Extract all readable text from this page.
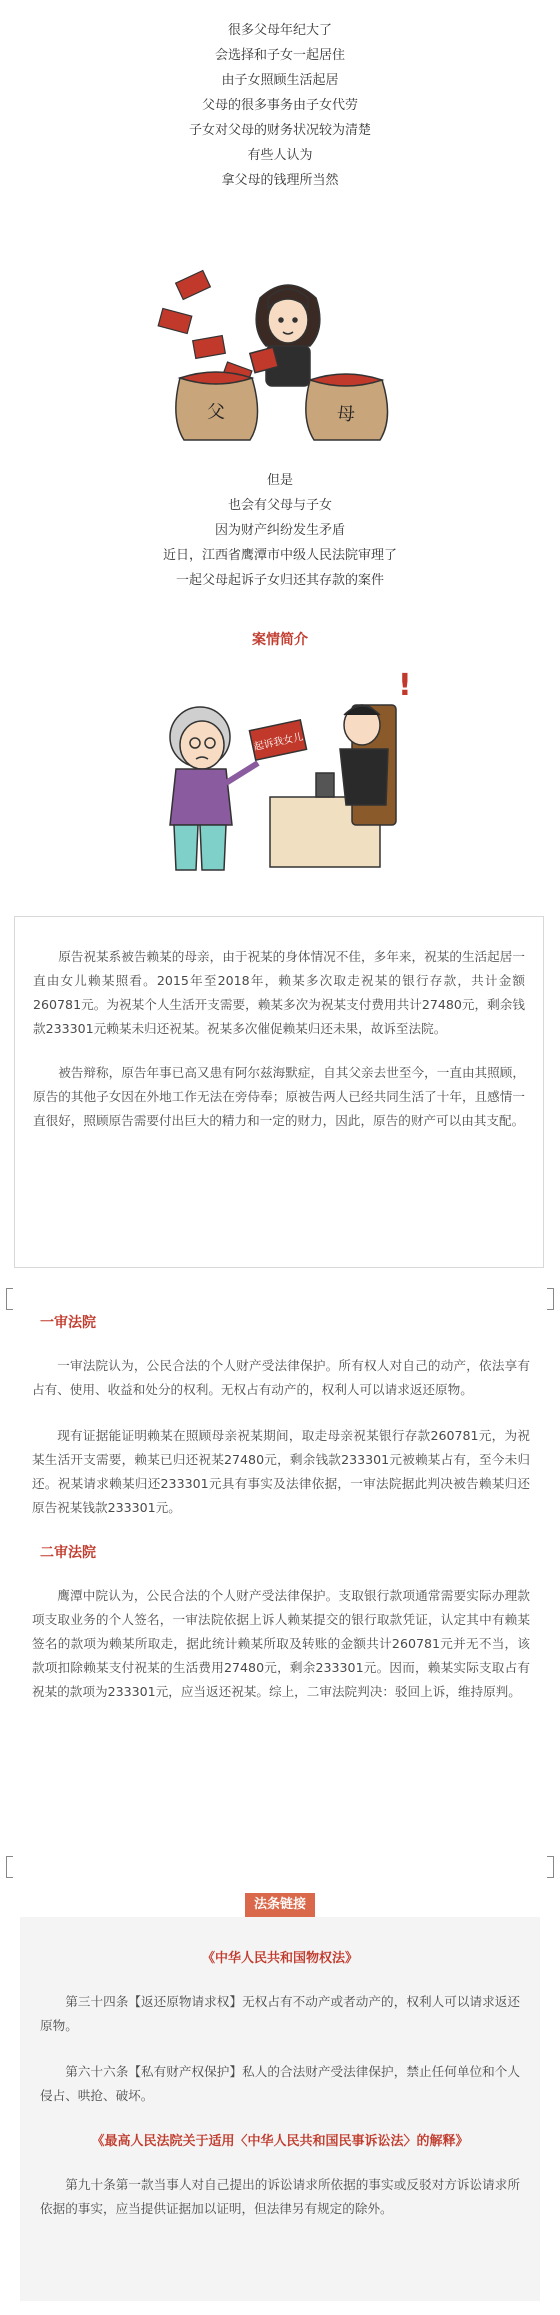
很多父母年纪大了
会选择和子女一起居住
由子女照顾生活起居
父母的很多事务由子女代劳
子女对父母的财务状况较为清楚
有些人认为
拿父母的钱理所当然
父	母
但是
也会有父母与子女
因为财产纠纷发生矛盾
近日，江西省鹰潭市中级人民法院审理了
一起父母起诉子女归还其存款的案件
案情简介
起诉我女儿
!

原告祝某系被告赖某的母亲，由于祝某的身体情况不佳，多年来，祝某的生活起居一直由女儿赖某照看。2015年至2018年，赖某多次取走祝某的银行存款，共计金额260781元。为祝某个人生活开支需要，赖某多次为祝某支付费用共计27480元，剩余钱款233301元赖某未归还祝某。祝某多次催促赖某归还未果，故诉至法院。

被告辩称，原告年事已高又患有阿尔兹海默症，自其父亲去世至今，一直由其照顾，原告的其他子女因在外地工作无法在旁侍奉；原被告两人已经共同生活了十年，且感情一直很好，照顾原告需要付出巨大的精力和一定的财力，因此，原告的财产可以由其支配。

一审法院

一审法院认为，公民合法的个人财产受法律保护。所有权人对自己的动产，依法享有占有、使用、收益和处分的权利。无权占有动产的，权利人可以请求返还原物。

现有证据能证明赖某在照顾母亲祝某期间，取走母亲祝某银行存款260781元，为祝某生活开支需要，赖某已归还祝某27480元，剩余钱款233301元被赖某占有，至今未归还。祝某请求赖某归还233301元具有事实及法律依据，一审法院据此判决被告赖某归还原告祝某钱款233301元。

二审法院

鹰潭中院认为，公民合法的个人财产受法律保护。支取银行款项通常需要实际办理款项支取业务的个人签名，一审法院依据上诉人赖某提交的银行取款凭证，认定其中有赖某签名的款项为赖某所取走，据此统计赖某所取及转账的金额共计260781元并无不当，该款项扣除赖某支付祝某的生活费用27480元，剩余233301元。因而，赖某实际支取占有祝某的款项为233301元，应当返还祝某。综上，二审法院判决：驳回上诉，维持原判。

法条链接
《中华人民共和国物权法》

第三十四条【返还原物请求权】无权占有不动产或者动产的，权利人可以请求返还原物。

第六十六条【私有财产权保护】私人的合法财产受法律保护，禁止任何单位和个人侵占、哄抢、破坏。

《最高人民法院关于适用〈中华人民共和国民事诉讼法〉的解释》

第九十条第一款当事人对自己提出的诉讼请求所依据的事实或反驳对方诉讼请求所依据的事实，应当提供证据加以证明，但法律另有规定的除外。
